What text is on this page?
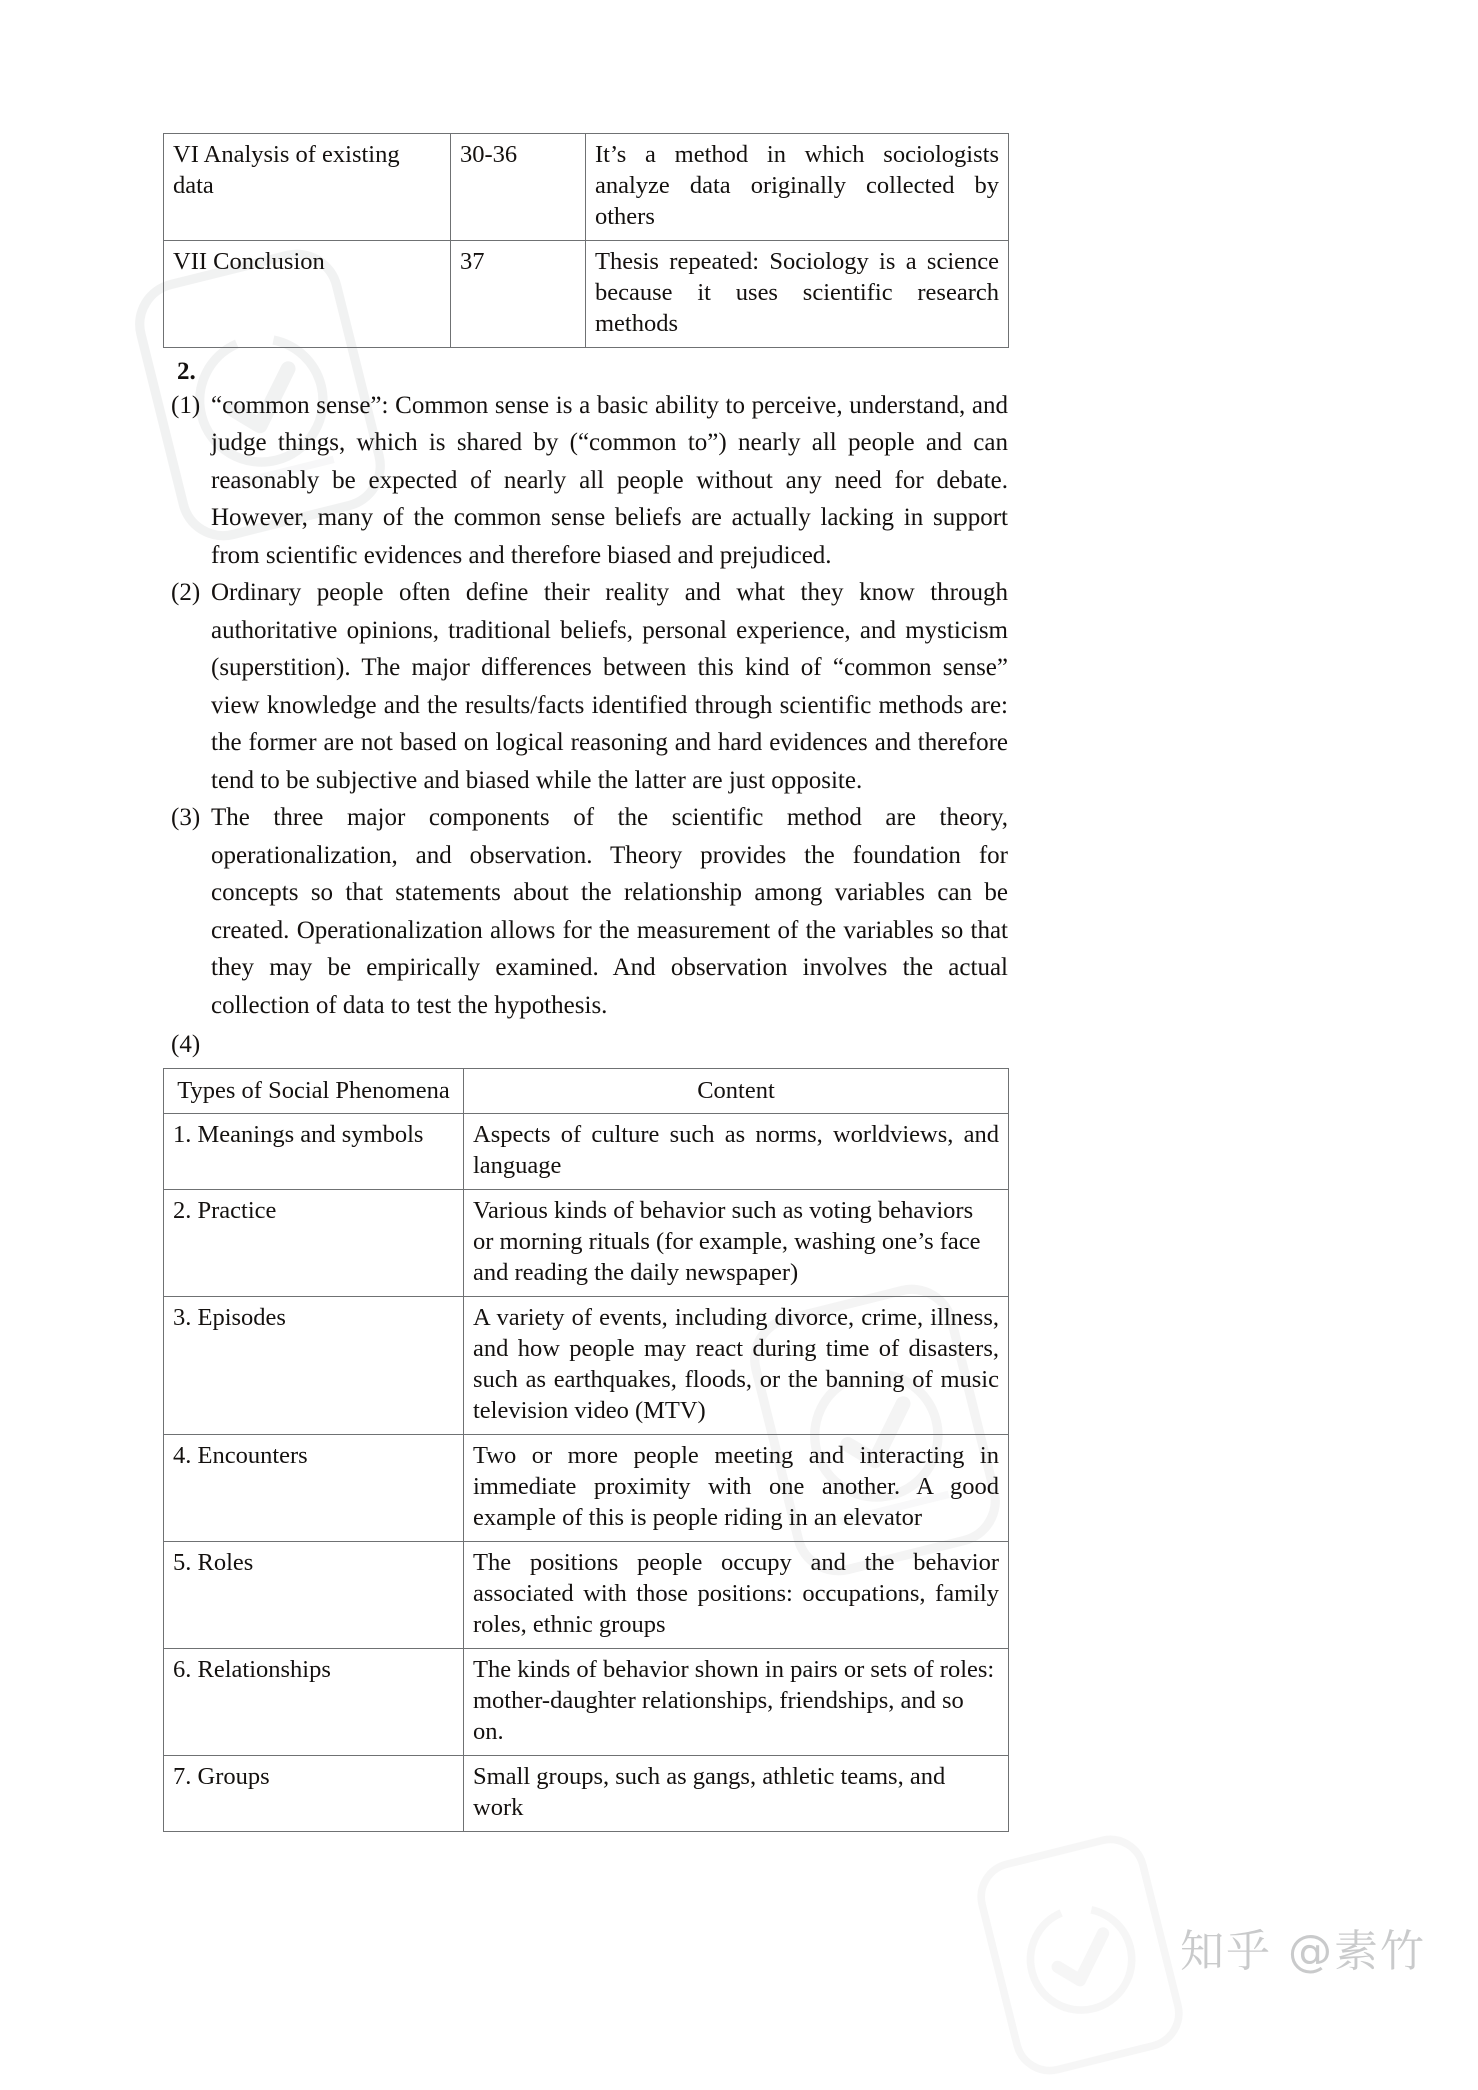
VI Analysis of existing data	30-36	It’s a method in which sociologists analyze data originally collected by others
VII Conclusion	37	Thesis repeated: Sociology is a science because it uses scientific research methods
2.
(1) “common sense”: Common sense is a basic ability to perceive, understand, and judge things, which is shared by (“common to”) nearly all people and can reasonably be expected of nearly all people without any need for debate. However, many of the common sense beliefs are actually lacking in support from scientific evidences and therefore biased and prejudiced.
(2) Ordinary people often define their reality and what they know through authoritative opinions, traditional beliefs, personal experience, and mysticism (superstition). The major differences between this kind of “common sense” view knowledge and the results/facts identified through scientific methods are: the former are not based on logical reasoning and hard evidences and therefore tend to be subjective and biased while the latter are just opposite.
(3) The three major components of the scientific method are theory, operationalization, and observation. Theory provides the foundation for concepts so that statements about the relationship among variables can be created. Operationalization allows for the measurement of the variables so that they may be empirically examined. And observation involves the actual collection of data to test the hypothesis.
(4)
Types of Social Phenomena	Content
1. Meanings and symbols	Aspects of culture such as norms, worldviews, and language
2. Practice	Various kinds of behavior such as voting behaviors or morning rituals (for example, washing one’s face and reading the daily newspaper)
3. Episodes	A variety of events, including divorce, crime, illness, and how people may react during time of disasters, such as earthquakes, floods, or the banning of music television video (MTV)
4. Encounters	Two or more people meeting and interacting in immediate proximity with one another. A good example of this is people riding in an elevator
5. Roles	The positions people occupy and the behavior associated with those positions: occupations, family roles, ethnic groups
6. Relationships	The kinds of behavior shown in pairs or sets of roles: mother-daughter relationships, friendships, and so on.
7. Groups	Small groups, such as gangs, athletic teams, and work
知乎 @素竹
